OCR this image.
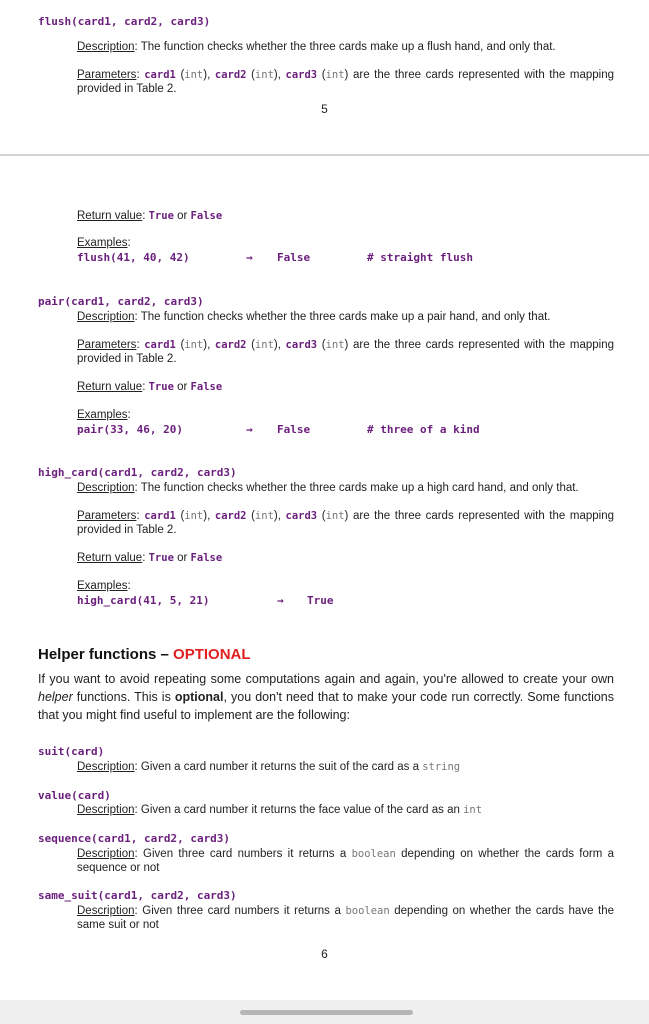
flush(card1, card2, card3)
Description: The function checks whether the three cards make up a flush hand, and only that.
Parameters: card1 (int), card2 (int), card3 (int) are the three cards represented with the mapping provided in Table 2.
5
Return value: True or False
Examples:
flush(41, 40, 42)	→ False	# straight flush
pair(card1, card2, card3)
Description: The function checks whether the three cards make up a pair hand, and only that.
Parameters: card1 (int), card2 (int), card3 (int) are the three cards represented with the mapping provided in Table 2.
Return value: True or False
Examples:
pair(33, 46, 20)	→ False	# three of a kind
high_card(card1, card2, card3)
Description: The function checks whether the three cards make up a high card hand, and only that.
Parameters: card1 (int), card2 (int), card3 (int) are the three cards represented with the mapping provided in Table 2.
Return value: True or False
Examples:
high_card(41, 5, 21)	→ True
Helper functions – OPTIONAL
If you want to avoid repeating some computations again and again, you're allowed to create your own helper functions. This is optional, you don't need that to make your code run correctly. Some functions that you might find useful to implement are the following:
suit(card)
Description: Given a card number it returns the suit of the card as a string
value(card)
Description: Given a card number it returns the face value of the card as an int
sequence(card1, card2, card3)
Description: Given three card numbers it returns a boolean depending on whether the cards form a sequence or not
same_suit(card1, card2, card3)
Description: Given three card numbers it returns a boolean depending on whether the cards have the same suit or not
6
